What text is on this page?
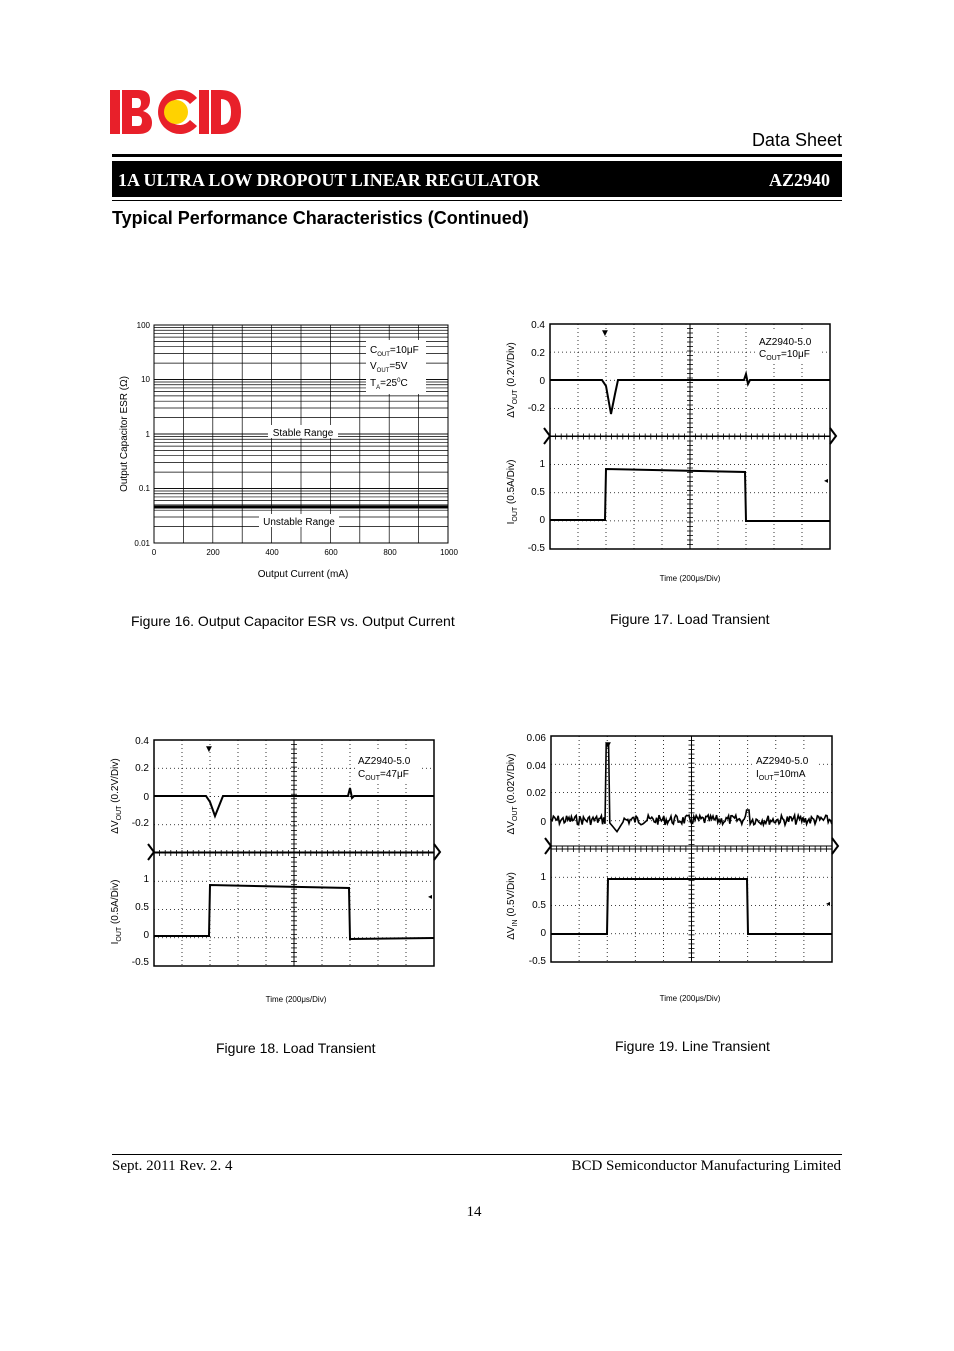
Data Sheet
1A ULTRA LOW DROPOUT LINEAR REGULATOR	AZ2940
Typical Performance Characteristics (Continued)
100
10
1
0.1
0.01
0	200	400	600	800	1000
Output Capacitor ESR (Ω)
Output Current (mA)
$C_{OUT}=10\mu F$
$V_{OUT}=5V$
$T_A=25^0C$
Stable Range
Unstable Range
Figure 16. Output Capacitor ESR vs. Output Current
▼
◂
0.4
0.2
0
-0.2
1
0.5
0
-0.5
$\Delta V_{OUT}$ (0.2V/Div)
$I_{OUT}$ (0.5A/Div)
AZ2940-5.0
$C_{OUT}=10\mu F$
Time (200μs/Div)
Figure 17. Load Transient
▼
◂
0.4
0.2
0
-0.2
1
0.5
0
-0.5
$\Delta V_{OUT}$ (0.2V/Div)
$I_{OUT}$ (0.5A/Div)
AZ2940-5.0
$C_{OUT}=47\mu F$
Time (200μs/Div)
Figure 18. Load Transient
▼
◂
0.06
0.04
0.02
0
1
0.5
0
-0.5
$\Delta V_{OUT}$ (0.02V/Div)
$\Delta V_{IN}$ (0.5V/Div)
AZ2940-5.0
$I_{OUT}=10mA$
Time (200μs/Div)
Figure 19. Line Transient
Sept. 2011 Rev. 2. 4	BCD Semiconductor Manufacturing Limited
14
